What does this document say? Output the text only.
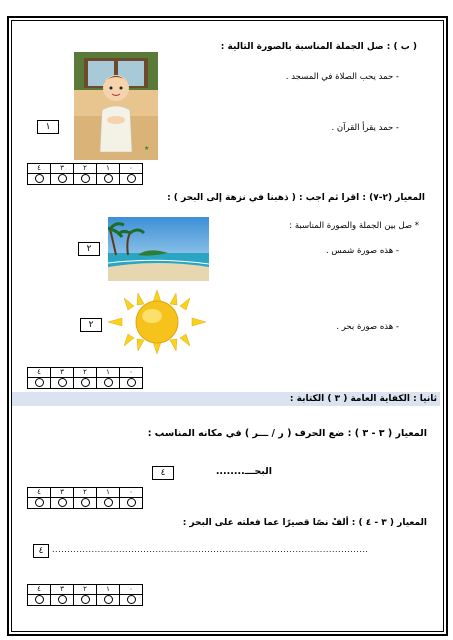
( ب ) : صل الجملة المناسبة بالصورة التالية :
★
- حمد يحب الصلاة في المسجد .
- حمد يقرأ القرآن .
١
٤	٣	٢	١	٠

المعيار (٢-٧) : اقرا ثم اجب : ( ذهبنا في نزهة إلى البحر ) :
* صل بين الجملة والصورة المناسبة :
٢	- هذه صورة شمس .
٢	- هذه صورة بحر .
٤	٣	٢	١	٠

ثانيا : الكفاية العامة ( ٣ ) الكتابة :
المعيار ( ٣ - ٣ ) : ضع الحرف ( ر / ـــر ) في مكانه المناسب :
٤	البحـــ........
٤	٣	٢	١	٠

المعيار ( ٣ - ٤ ) : ألفْ نصًا قصيرًا عما فعلته على البحر :
٤	........................................................................................................
٤	٣	٢	١	٠
